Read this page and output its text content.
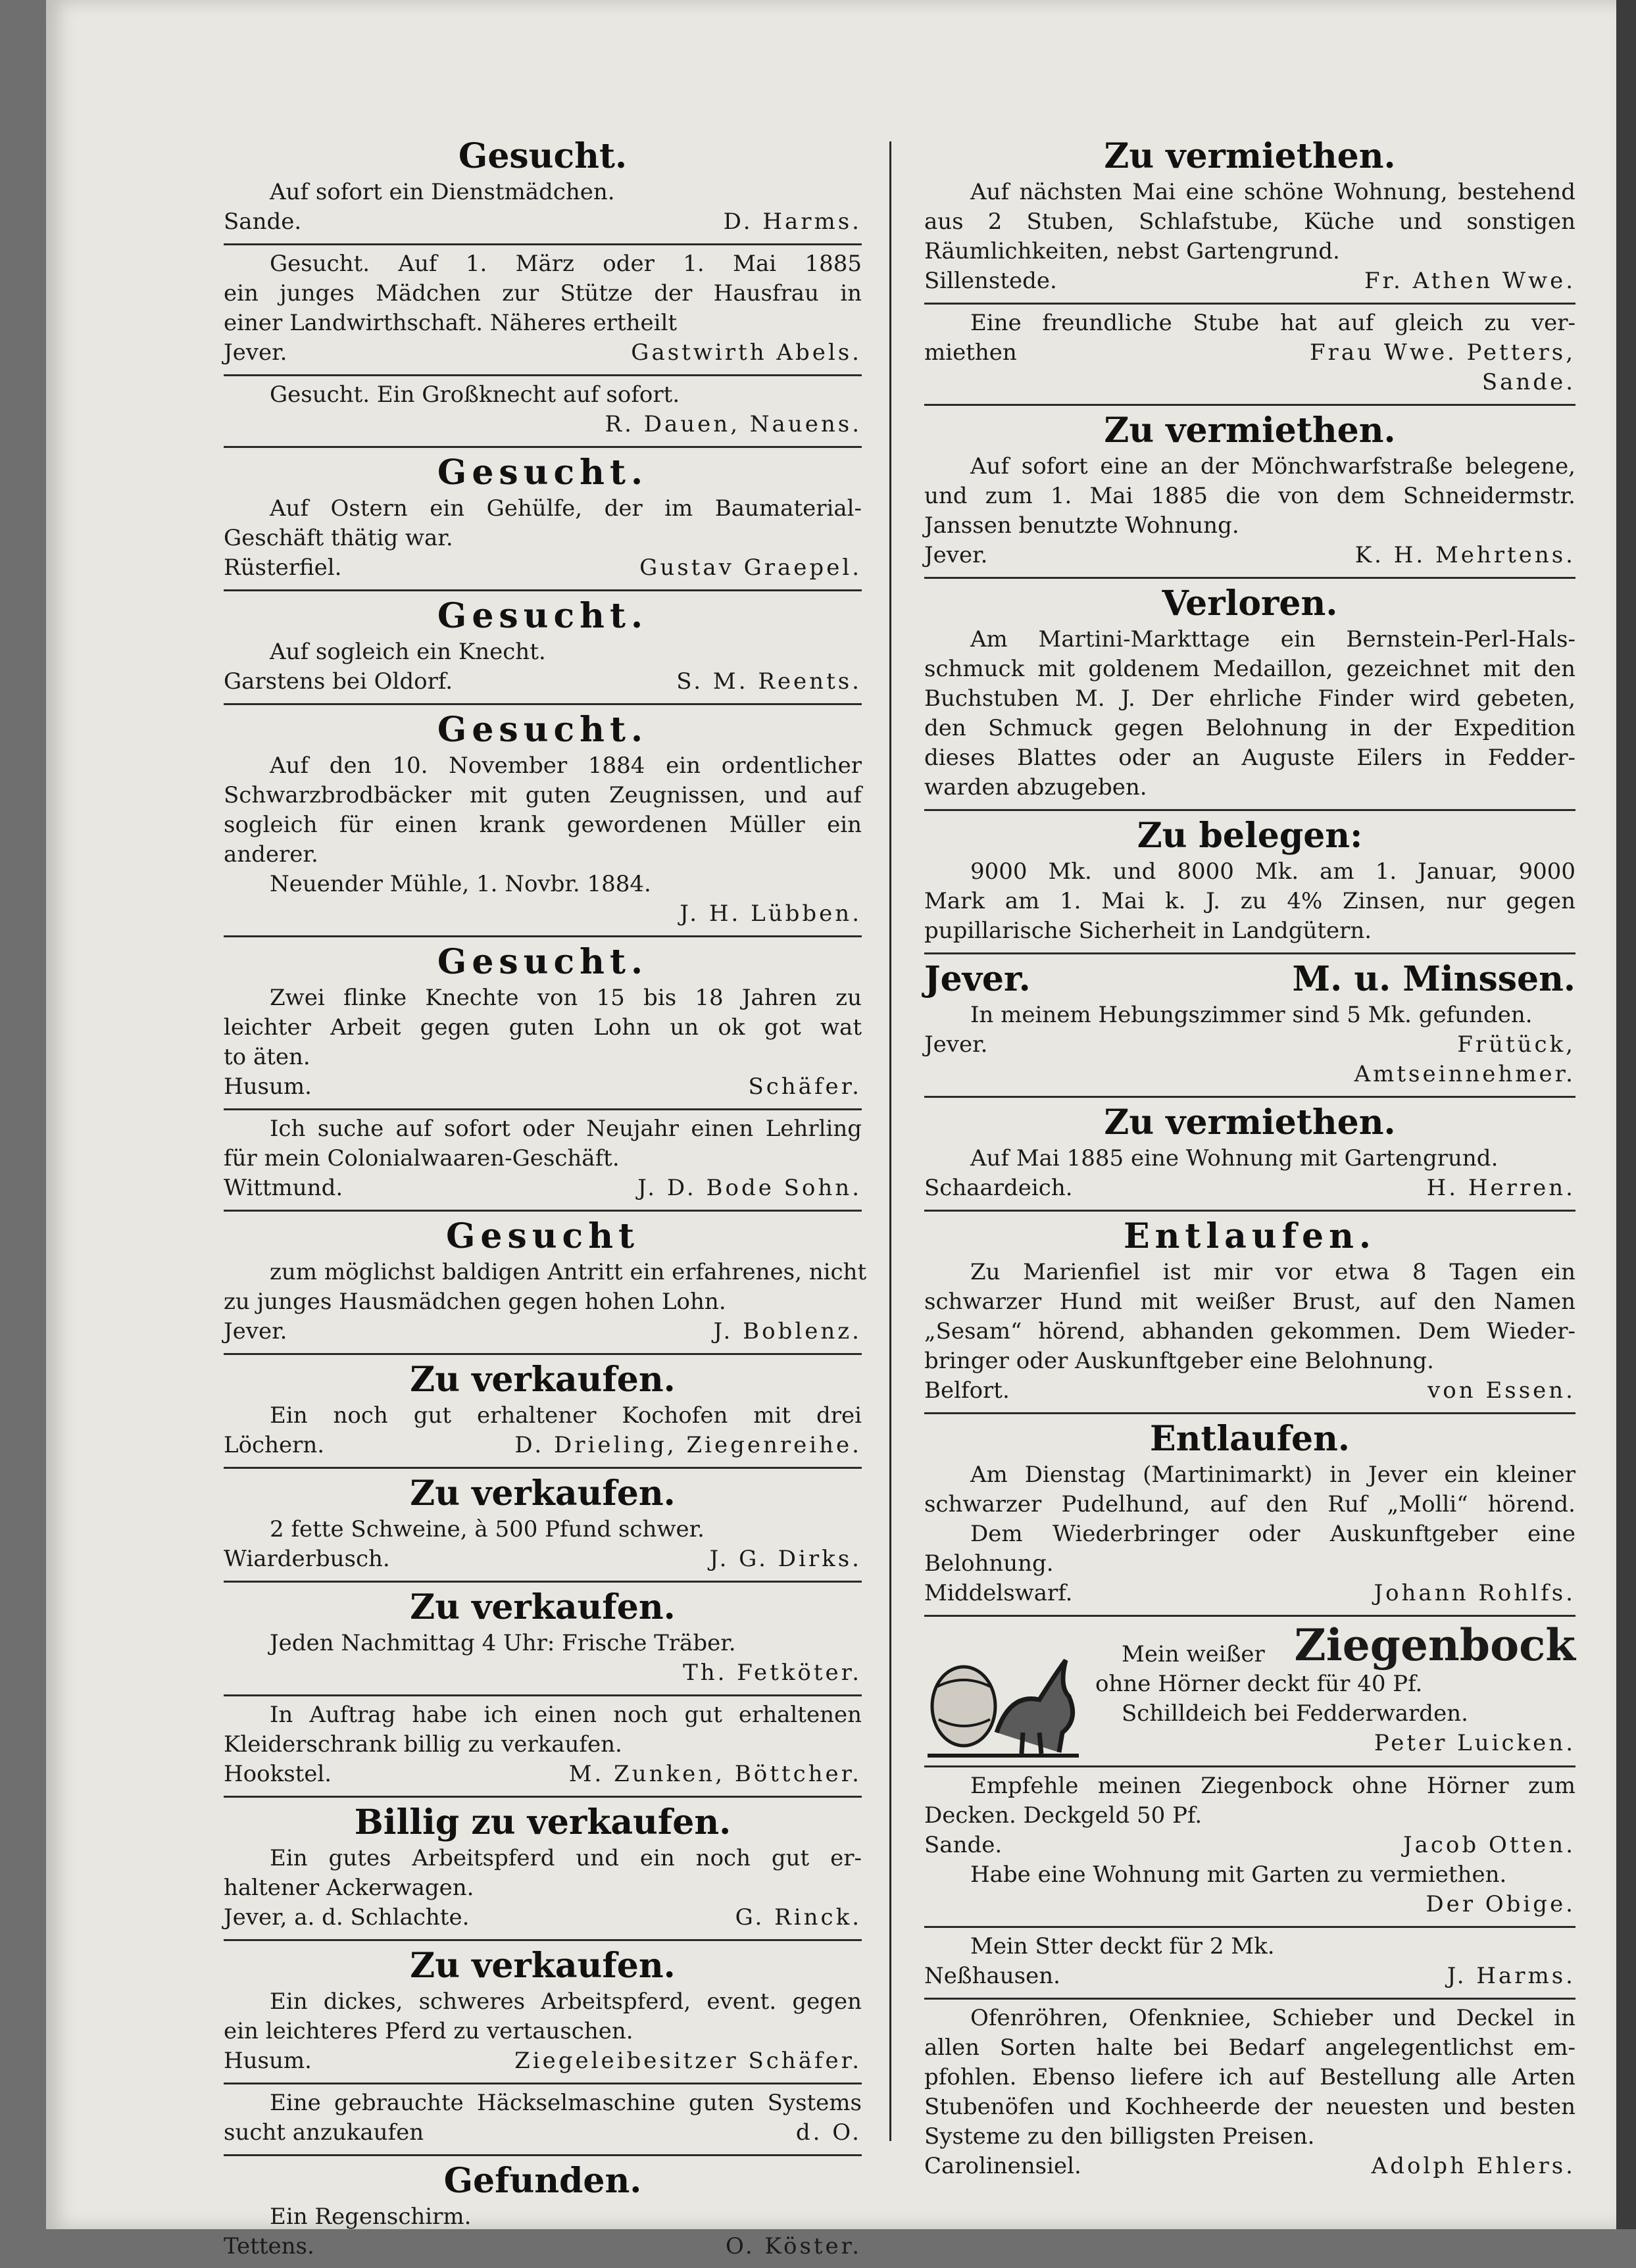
Gesucht.
Auf sofort ein Dienstmädchen.
Sande.	D. Harms.
Gesucht. Auf 1. März oder 1. Mai 1885
ein junges Mädchen zur Stütze der Hausfrau in
einer Landwirthschaft. Näheres ertheilt
Jever.	Gastwirth Abels.
Gesucht. Ein Großknecht auf sofort.
R. Dauen, Nauens.
Gesucht.
Auf Ostern ein Gehülfe, der im Baumaterial-
Geschäft thätig war.
Rüsterfiel.	Gustav Graepel.
Gesucht.
Auf sogleich ein Knecht.
Garstens bei Oldorf.	S. M. Reents.
Gesucht.
Auf den 10. November 1884 ein ordentlicher
Schwarzbrodbäcker mit guten Zeugnissen, und auf
sogleich für einen krank gewordenen Müller ein
anderer.
Neuender Mühle, 1. Novbr. 1884.
J. H. Lübben.
Gesucht.
Zwei flinke Knechte von 15 bis 18 Jahren zu
leichter Arbeit gegen guten Lohn un ok got wat
to äten.
Husum.	Schäfer.
Ich suche auf sofort oder Neujahr einen Lehrling
für mein Colonialwaaren-Geschäft.
Wittmund.	J. D. Bode Sohn.
Gesucht
zum möglichst baldigen Antritt ein erfahrenes, nicht
zu junges Hausmädchen gegen hohen Lohn.
Jever.	J. Boblenz.
Zu verkaufen.
Ein noch gut erhaltener Kochofen mit drei
Löchern.	D. Drieling, Ziegenreihe.
Zu verkaufen.
2 fette Schweine, à 500 Pfund schwer.
Wiarderbusch.	J. G. Dirks.
Zu verkaufen.
Jeden Nachmittag 4 Uhr: Frische Träber.
Th. Fetköter.
In Auftrag habe ich einen noch gut erhaltenen
Kleiderschrank billig zu verkaufen.
Hookstel.	M. Zunken, Böttcher.
Billig zu verkaufen.
Ein gutes Arbeitspferd und ein noch gut er-
haltener Ackerwagen.
Jever, a. d. Schlachte.	G. Rinck.
Zu verkaufen.
Ein dickes, schweres Arbeitspferd, event. gegen
ein leichteres Pferd zu vertauschen.
Husum.	Ziegeleibesitzer Schäfer.
Eine gebrauchte Häckselmaschine guten Systems
sucht anzukaufen	d. O.
Gefunden.
Ein Regenschirm.
Tettens.	O. Köster.
Zu vermiethen.
Auf nächsten Mai eine schöne Wohnung, bestehend
aus 2 Stuben, Schlafstube, Küche und sonstigen
Räumlichkeiten, nebst Gartengrund.
Sillenstede.	Fr. Athen Wwe.
Eine freundliche Stube hat auf gleich zu ver-
miethen	Frau Wwe. Petters,
Sande.
Zu vermiethen.
Auf sofort eine an der Mönchwarfstraße belegene,
und zum 1. Mai 1885 die von dem Schneidermstr.
Janssen benutzte Wohnung.
Jever.	K. H. Mehrtens.
Verloren.
Am Martini-Markttage ein Bernstein-Perl-Hals-
schmuck mit goldenem Medaillon, gezeichnet mit den
Buchstuben M. J. Der ehrliche Finder wird gebeten,
den Schmuck gegen Belohnung in der Expedition
dieses Blattes oder an Auguste Eilers in Fedder-
warden abzugeben.
Zu belegen:
9000 Mk. und 8000 Mk. am 1. Januar, 9000
Mark am 1. Mai k. J. zu 4% Zinsen, nur gegen
pupillarische Sicherheit in Landgütern.
Jever.	M. u. Minssen.
In meinem Hebungszimmer sind 5 Mk. gefunden.
Jever.	Frütück,
Amtseinnehmer.
Zu vermiethen.
Auf Mai 1885 eine Wohnung mit Gartengrund.
Schaardeich.	H. Herren.
Entlaufen.
Zu Marienfiel ist mir vor etwa 8 Tagen ein
schwarzer Hund mit weißer Brust, auf den Namen
„Sesam“ hörend, abhanden gekommen. Dem Wieder-
bringer oder Auskunftgeber eine Belohnung.
Belfort.	von Essen.
Entlaufen.
Am Dienstag (Martinimarkt) in Jever ein kleiner
schwarzer Pudelhund, auf den Ruf „Molli“ hörend.
Dem Wiederbringer oder Auskunftgeber eine
Belohnung.
Middelswarf.	Johann Rohlfs.
Mein weißer Ziegenbock
ohne Hörner deckt für 40 Pf.
Schilldeich bei Fedderwarden.
Peter Luicken.
Empfehle meinen Ziegenbock ohne Hörner zum
Decken. Deckgeld 50 Pf.
Sande.	Jacob Otten.
Habe eine Wohnung mit Garten zu vermiethen.
Der Obige.
Mein Stter deckt für 2 Mk.
Neßhausen.	J. Harms.
Ofenröhren, Ofenkniee, Schieber und Deckel in
allen Sorten halte bei Bedarf angelegentlichst em-
pfohlen. Ebenso liefere ich auf Bestellung alle Arten
Stubenöfen und Kochheerde der neuesten und besten
Systeme zu den billigsten Preisen.
Carolinensiel.	Adolph Ehlers.
